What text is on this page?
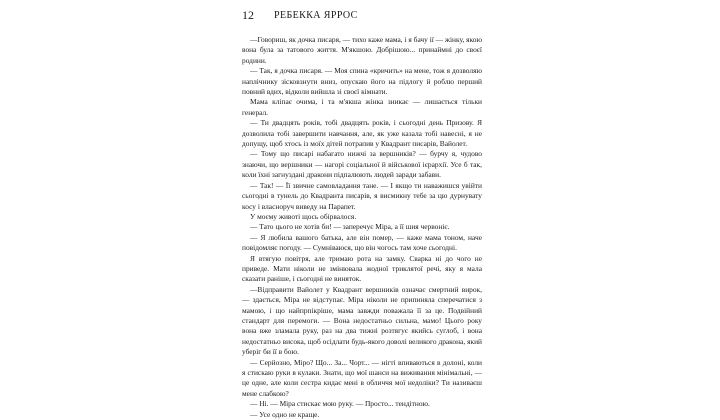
12 РЕБЕККА ЯРРОС

—Говориш, як дочка писаря, — тихо каже мама, і я бачу ії — жінку, якою вона була за татового життя. М'якшою. Добрішою... принаймні до своєї родини.

— Так, я дочка писаря. — Моя спина «кричить» на мене, тож я дозволяю наплічнику зісковзнути вниз, опускаю його на підлогу й роблю перший повний вдих, відколи вийшла зі своєї кімнати.

Мама кліпає очима, і та м'якша жінка зникає — лишається тільки генерал.

— Ти двадцять років, тобі двадцять років, і сьогодні день Призову. Я дозволила тобі завершити навчання, але, як уже казала тобі навесні, я не допущу, щоб хтось із моїх дітей потрапив у Квадрант писарів, Вайолет.

— Тому що писарі набагато нижчі за вершників? — бурчу я, чудово знаючи, що вершники — нагорі соціальної й військової ієрархії. Усе б так, коли їхні загнуздані дракони підпалюють людей заради забави.

— Так! — Її звичне самовладання тане. — І якщо ти наважишся увійти сьогодні в тунель до Квадранта писарів, я висмикну тебе за цю дурнувату косу і власноруч виведу на Парапет.

У моєму животі щось обірвалося.

— Тато цього не хотів би! — заперечує Міра, а її шия червоніє.

— Я любила вашого батька, але він помер, — каже мама тоном, наче повідомляє погоду. — Сумніваюся, що він чогось там хоче сьогодні.

Я втягую повітря, але тримаю рота на замку. Сварка ні до чого не приведе. Мати ніколи не змінювала жодної триклятої речі, яку я мала сказати раніше, і сьогодні не виняток.

—Відправити Вайолет у Квадрант вершників означає смертний вирок, — здається, Міра не відступає. Міра ніколи не припиняла сперечатися з мамою, і що найпрпікріше, мама завжди поважала її за це. Подвійний стандарт для перемоги. — Вона недостатньо сильна, мамо! Цього року вона вже зламала руку, раз на два тижні розтягує якийсь суглоб, і вона недостатньо висока, щоб осідлати будь-якого доволі великого дракона, який уберіг би її в бою.

— Серйозно, Міро? Що... За... Чорт... — нігті впиваються в долоні, коли я стискаю руки в кулаки. Знати, що мої шанси на виживання мінімальні, — це одне, але коли сестра кидає мені в обличчя мої недоліки? Ти називаєш мене слабкою?

— Ні. — Міра стискає мою руку. — Просто... тендітною.

— Усе одно не краще.
